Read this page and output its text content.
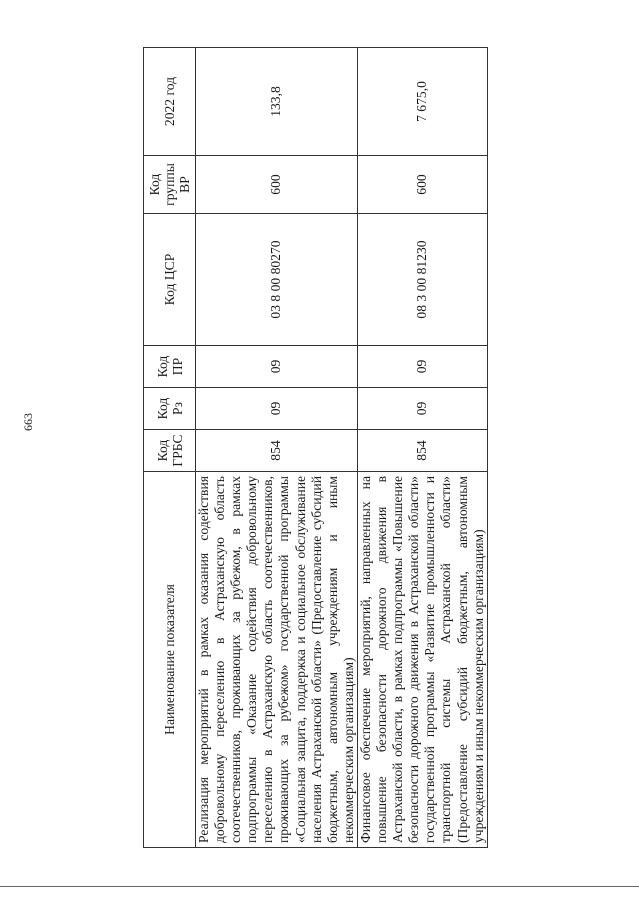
663
Наименование показателя	Код ГРБС	Код Рз	Код ПР	Код ЦСР	Код группы ВР	2022 год
Реализация мероприятий в рамках оказания содействия добровольному переселению в Астраханскую область соотечественников, проживающих за рубежом, в рамках подпрограммы «Оказание содействия добровольному переселению в Астраханскую область соотечественников, проживающих за рубежом» государственной программы «Социальная защита, поддержка и социальное обслуживание населения Астраханской области» (Предоставление субсидий бюджетным, автономным учреждениям и иным некоммерческим организациям)	854	09	09	03 8 00 80270	600	133,8
Финансовое обеспечение мероприятий, направленных на повышение безопасности дорожного движения в Астраханской области, в рамках подпрограммы «Повышение безопасности дорожного движения в Астраханской области» государственной программы «Развитие промышленности и транспортной системы Астраханской области» (Предоставление субсидий бюджетным, автономным учреждениям и иным некоммерческим организациям)	854	09	09	08 3 00 81230	600	7 675,0
